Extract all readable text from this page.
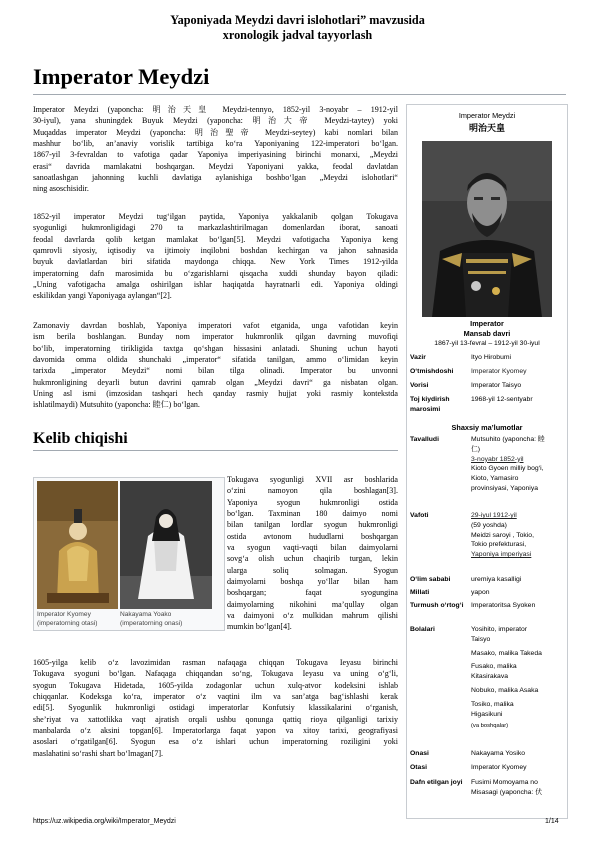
Yaponiyada Meydzi davri islohotlari” mavzusida
xronologik jadval tayyorlash
Imperator Meydzi
Imperator Meydzi (yaponcha: 明治天皇 Meydzi-tennyo, 1852-yil 3-noyabr – 1912-yil
30-iyul), yana shuningdek Buyuk Meydzi (yaponcha: 明治大帝 Meydzi-taytey) yoki
Muqaddas imperator Meydzi (yaponcha: 明治聖帝 Meydzi-seytey) kabi nomlari bilan
mashhur bo‘lib, an’anaviy vorislik tartibiga ko‘ra Yaponiyaning 122-imperatori bo‘lgan.
1867-yil 3-fevraldan to vafotiga qadar Yaponiya imperiyasining birinchi monarxi, „Meydzi
erasi“ davrida mamlakatni boshqargan. Meydzi Yaponiyani yakka, feodal davlatdan
sanoatlashgan jahonning kuchli davlatiga aylanishiga boshbo‘lgan „Meydzi islohotlari“
ning asoschisidir.
1852-yil imperator Meydzi tug‘ilgan paytida, Yaponiya yakkalanib qolgan Tokugava
syogunligi hukmronligidagi 270 ta markazlashtirilmagan domenlardan iborat, sanoati
feodal davrlarda qolib ketgan mamlakat bo‘lgan[5]. Meydzi vafotigacha Yaponiya keng
qamrovli siyosiy, iqtisodiy va ijtimoiy inqilobni boshdan kechirgan va jahon sahnasida
buyuk davlatlardan biri sifatida maydonga chiqqa. New York Times 1912-yilda
imperatorning dafn marosimida bu o‘zgarishlarni qisqacha xuddi shunday bayon qiladi:
„Uning vafotigacha amalga oshirilgan ishlar haqiqatda hayratnarli edi. Yaponiya oldingi
eskilikdan yangi Yaponiyaga aylangan“[2].
Zamonaviy davrdan boshlab, Yaponiya imperatori vafot etganida, unga vafotidan keyin
ism berila boshlangan. Bunday nom imperator hukmronlik qilgan davrning muvofiqi
bo‘lib, imperatorning tirikligida taxtga qo‘shgan hissasini anlatadi. Shuning uchun hayoti
davomida omma oldida shunchaki „imperator“ sifatida tanilgan, ammo o‘limidan keyin
tarixda „imperator Meydzi“ nomi bilan tilga olinadi. Imperator bu unvonni
hukmronligining deyarli butun davrini qamrab olgan „Meydzi davri“ ga nisbatan olgan.
Uning asl ismi (imzosidan tashqari hech qanday rasmiy hujjat yoki rasmiy kontekstda
ishlatilmaydi) Mutsuhito (yaponcha: 睦仁) bo‘lgan.
Kelib chiqishi
Imperator Kyomey
(imperatorning otasi)
Nakayama Yoako
(imperatorning onasi)
Tokugava syogunligi XVII asr boshlarida
o‘zini namoyon qila boshlagan[3].
Yaponiya syogun hukmronligi ostida
bo‘lgan. Taxminan 180 daimyo nomi
bilan tanilgan lordlar syogun hukmronligi
ostida avtonom hududlarni boshqargan
va syogun vaqti-vaqti bilan daimyolarni
sovg‘a olish uchun chaqirib turgan, lekin
ularga soliq solmagan. Syogun
daimyolarni boshqa yo‘llar bilan ham
boshqargan; faqat syogungina
daimyolarning nikohini ma’qullay olgan
va daimyoni o‘z mulkidan mahrum qilishi
mumkin bo‘lgan[4].
1605-yilga kelib o‘z lavozimidan rasman nafaqaga chiqqan Tokugava Ieyasu birinchi
Tokugava syoguni bo‘lgan. Nafaqaga chiqqandan so‘ng, Tokugava Ieyasu va uning o‘g‘li,
syogun Tokugava Hidetada, 1605-yilda zodagonlar uchun xulq-atvor kodeksini ishlab
chiqqanlar. Kodeksga ko‘ra, imperator o‘z vaqtini ilm va san’atga bag‘ishlashi kerak
edi[5]. Syogunlik hukmronligi ostidagi imperatorlar Konfutsiy klassikalarini o‘rganish,
she’riyat va xattotlikka vaqt ajratish orqali ushbu qonunga qattiq rioya qilganligi tarixiy
manbalarda o‘z aksini topgan[6]. Imperatorlarga faqat yapon va xitoy tarixi, geografiyasi
asoslari o‘rgatilgan[6]. Syogun esa o‘z ishlari uchun imperatorning roziligini yoki
maslahatini so‘rashi shart bo‘lmagan[7].
Imperator Meydzi
明治天皇
Imperator
Mansab davri
1867-yil 13-fevral – 1912-yil 30-iyul
Vazir	Ityo Hirobumi
O‘tmishdoshi	Imperator Kyomey
Vorisi	Imperator Taisyo
Toj kiydirish marosimi
1968-yil 12-sentyabr
Shaxsiy ma’lumotlar
Tavalludi	Mutsuhito (yaponcha: 睦
仁)
3-noyabr 1852-yil
Kioto Gyoen milliy bog‘i,
Kioto, Yamasiro
provinsiyasi, Yaponiya
Vafoti	29-iyul 1912-yil
(59 yoshda)
Meidzi saroyi , Tokio,
Tokio prefekturasi,
Yaponiya imperiyasi
O‘lim sababi	uremiya kasalligi
Millati	yapon
Turmush o‘rtog‘i	Imperatoritsa Syoken
Bolalari	Yosihito, imperator
Taisyo
Masako, malika Takeda
Fusako, malika
Kitasirakava
Nobuko, malika Asaka
Tosiko, malika
Higasikuni
(va boshqalar)
Onasi	Nakayama Yosiko
Otasi	Imperator Kyomey
Dafn etilgan joyi	Fusimi Momoyama no
Misasagi (yaponcha: 伏
https://uz.wikipedia.org/wiki/Imperator_Meydzi	1/14
